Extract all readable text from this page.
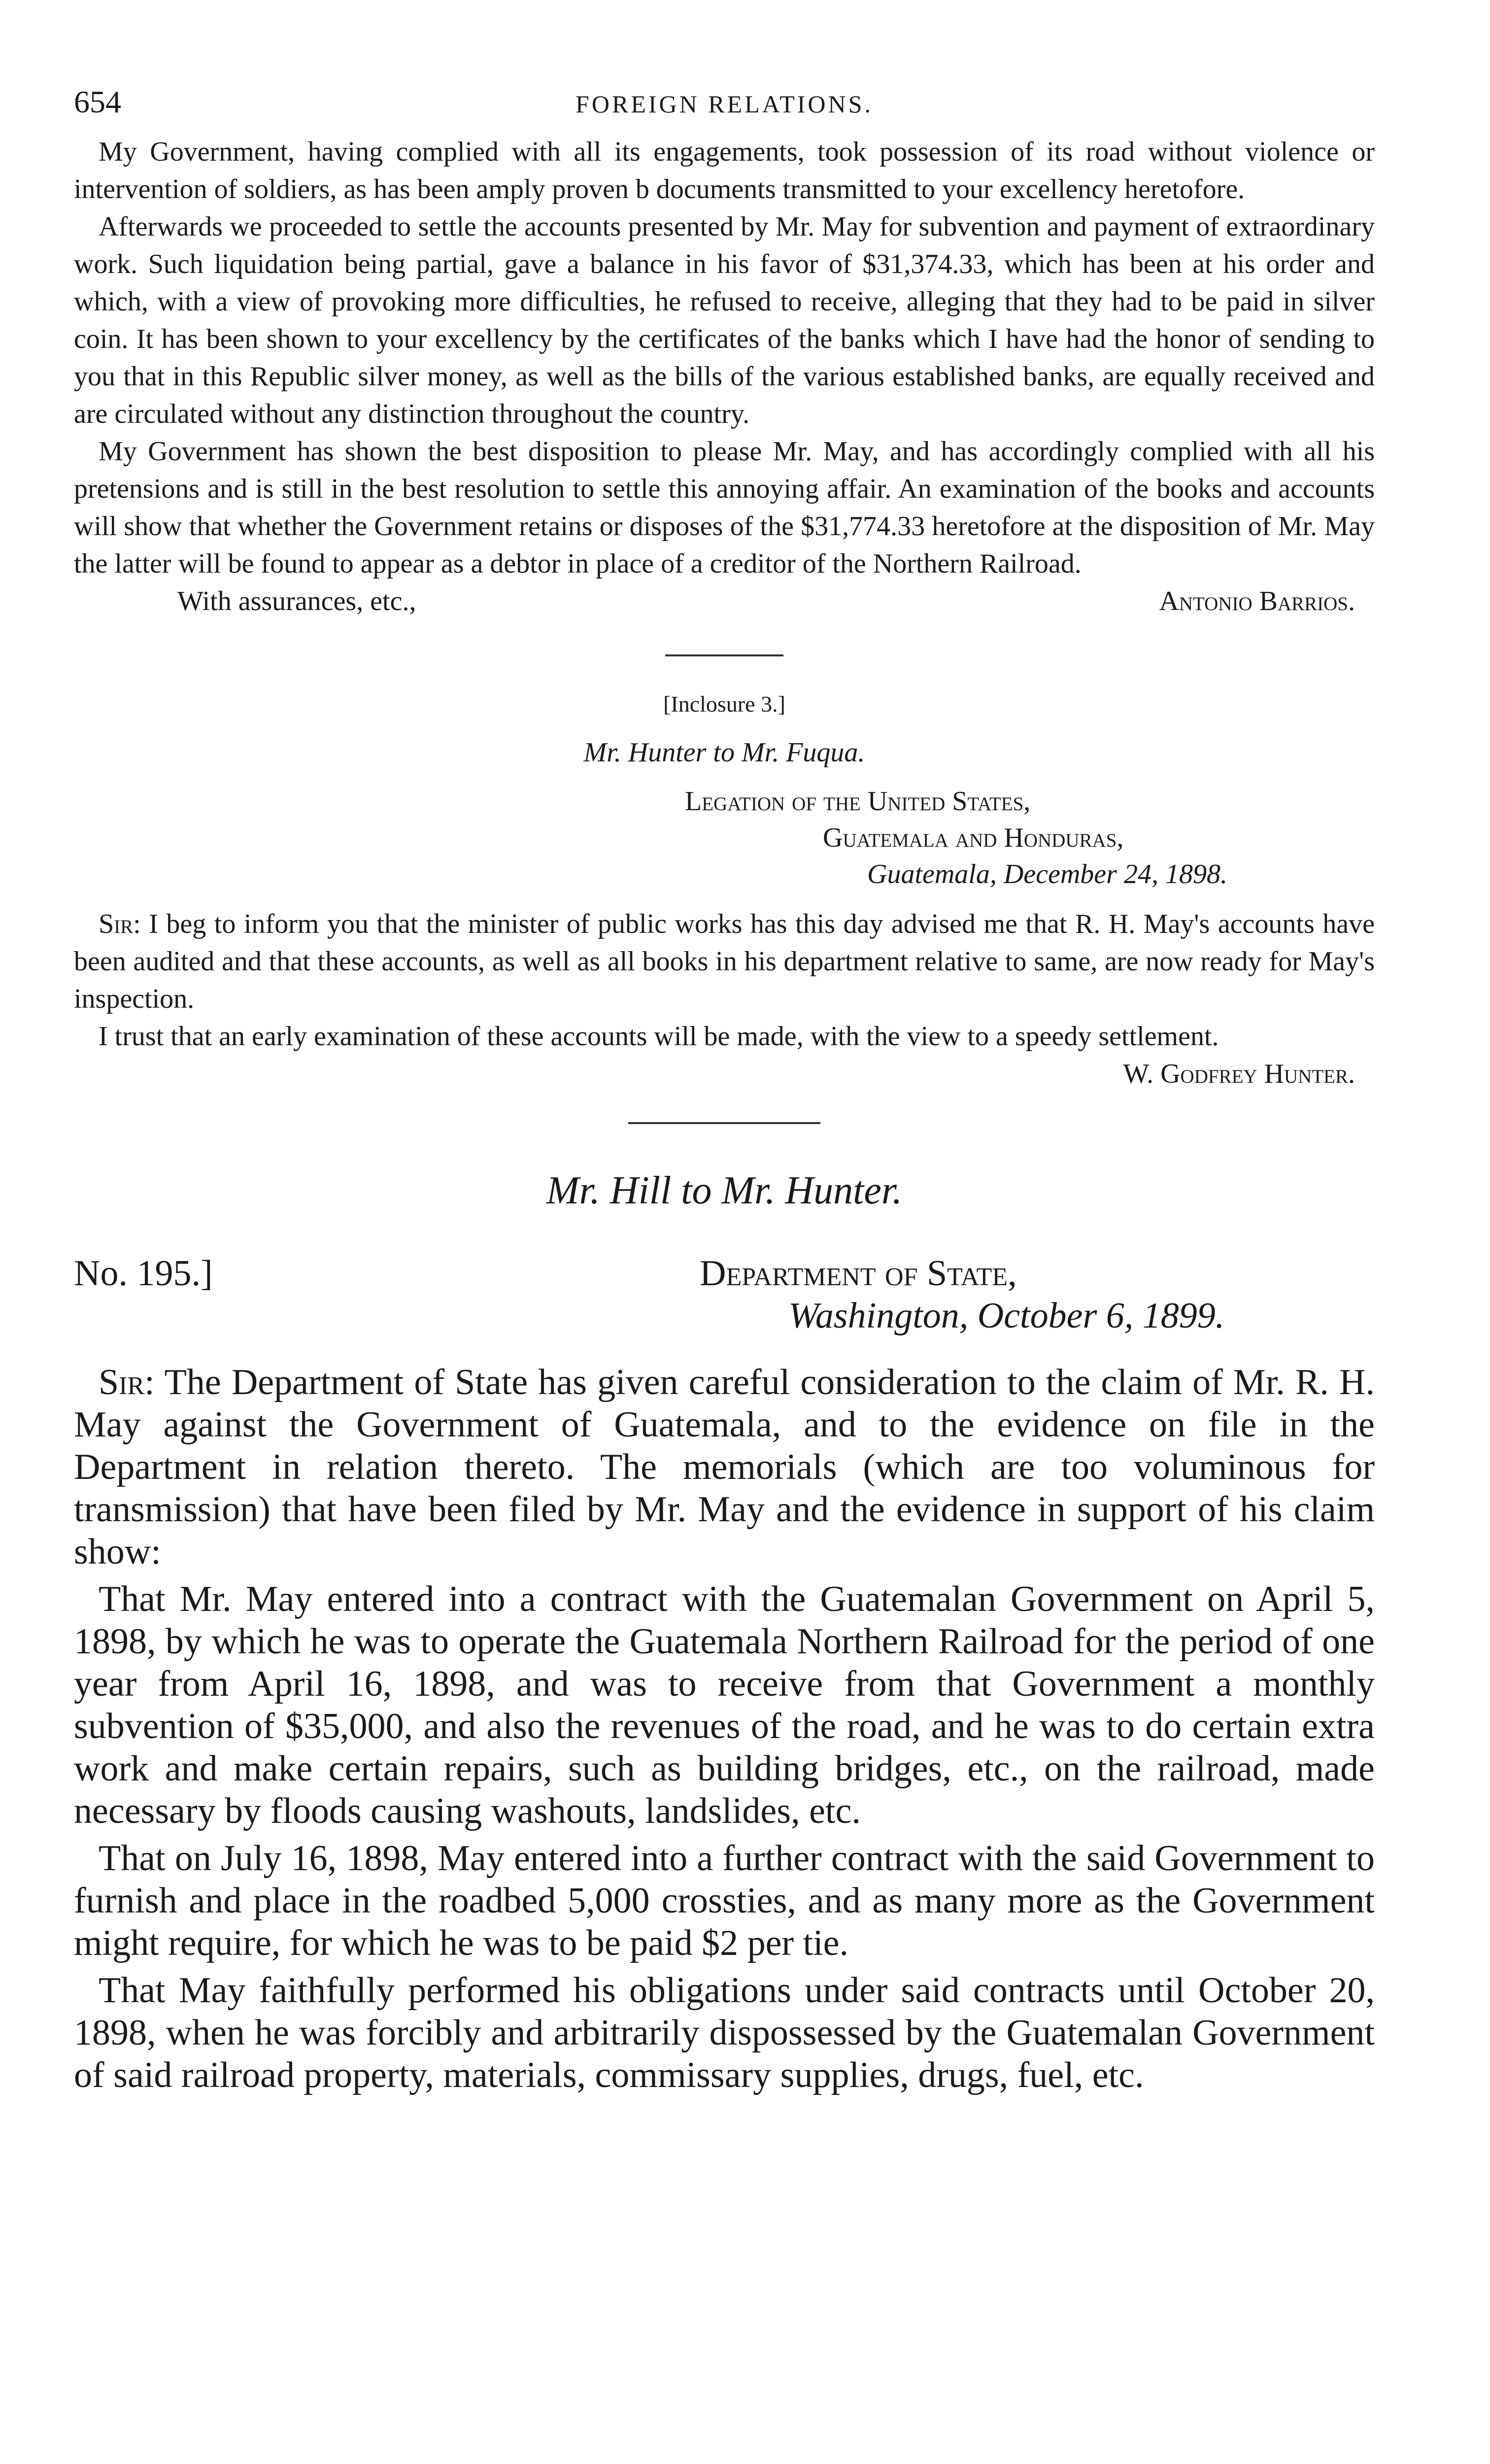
654	FOREIGN RELATIONS.

My Government, having complied with all its engagements, took possession of its road without violence or intervention of soldiers, as has been amply proven b documents transmitted to your excellency heretofore.

Afterwards we proceeded to settle the accounts presented by Mr. May for subvention and payment of extraordinary work. Such liquidation being partial, gave a balance in his favor of $31,374.33, which has been at his order and which, with a view of provoking more difficulties, he refused to receive, alleging that they had to be paid in silver coin. It has been shown to your excellency by the certificates of the banks which I have had the honor of sending to you that in this Republic silver money, as well as the bills of the various established banks, are equally received and are circulated without any distinction throughout the country.

My Government has shown the best disposition to please Mr. May, and has accordingly complied with all his pretensions and is still in the best resolution to settle this annoying affair. An examination of the books and accounts will show that whether the Government retains or disposes of the $31,774.33 heretofore at the disposition of Mr. May the latter will be found to appear as a debtor in place of a creditor of the Northern Railroad.

With assurances, etc.,	Antonio Barrios.
[Inclosure 3.]
Mr. Hunter to Mr. Fuqua.
Legation of the United States,
Guatemala and Honduras,
Guatemala, December 24, 1898.

Sir: I beg to inform you that the minister of public works has this day advised me that R. H. May's accounts have been audited and that these accounts, as well as all books in his department relative to same, are now ready for May's inspection.

I trust that an early examination of these accounts will be made, with the view to a speedy settlement.

W. Godfrey Hunter.
Mr. Hill to Mr. Hunter.
No. 195.]	Department of State,
Washington, October 6, 1899.

Sir: The Department of State has given careful consideration to the claim of Mr. R. H. May against the Government of Guatemala, and to the evidence on file in the Department in relation thereto. The memorials (which are too voluminous for transmission) that have been filed by Mr. May and the evidence in support of his claim show:

That Mr. May entered into a contract with the Guatemalan Government on April 5, 1898, by which he was to operate the Guatemala Northern Railroad for the period of one year from April 16, 1898, and was to receive from that Government a monthly subvention of $35,000, and also the revenues of the road, and he was to do certain extra work and make certain repairs, such as building bridges, etc., on the railroad, made necessary by floods causing washouts, landslides, etc.

That on July 16, 1898, May entered into a further contract with the said Government to furnish and place in the roadbed 5,000 crossties, and as many more as the Government might require, for which he was to be paid $2 per tie.

That May faithfully performed his obligations under said contracts until October 20, 1898, when he was forcibly and arbitrarily dispossessed by the Guatemalan Government of said railroad property, materials, commissary supplies, drugs, fuel, etc.
